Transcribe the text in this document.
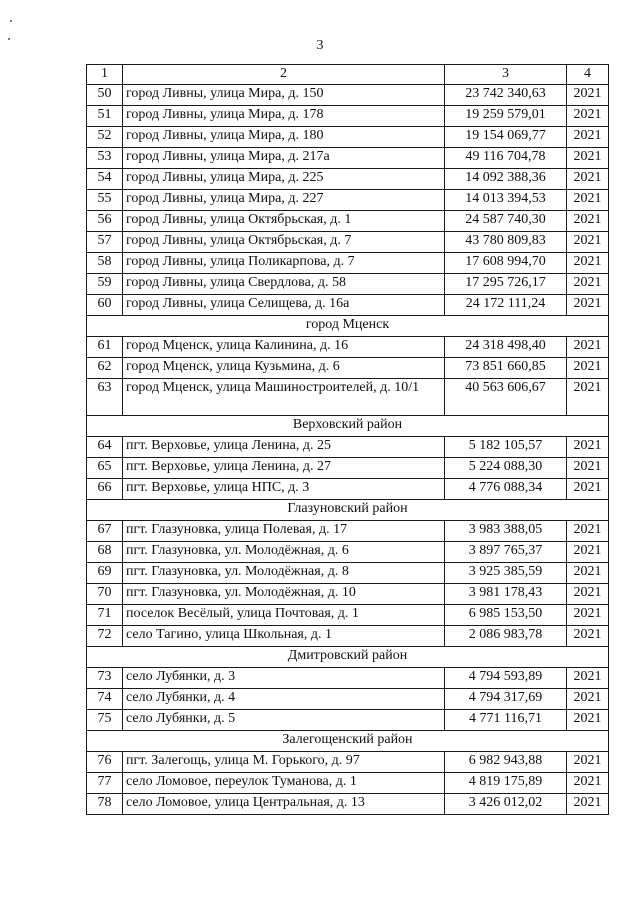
3
1	2	3	4
50	город Ливны, улица Мира, д. 150	23 742 340,63	2021
51	город Ливны, улица Мира, д. 178	19 259 579,01	2021
52	город Ливны, улица Мира, д. 180	19 154 069,77	2021
53	город Ливны, улица Мира, д. 217а	49 116 704,78	2021
54	город Ливны, улица Мира, д. 225	14 092 388,36	2021
55	город Ливны, улица Мира, д. 227	14 013 394,53	2021
56	город Ливны, улица Октябрьская, д. 1	24 587 740,30	2021
57	город Ливны, улица Октябрьская, д. 7	43 780 809,83	2021
58	город Ливны, улица Поликарпова, д. 7	17 608 994,70	2021
59	город Ливны, улица Свердлова, д. 58	17 295 726,17	2021
60	город Ливны, улица Селищева, д. 16а	24 172 111,24	2021
город Мценск			
61	город Мценск, улица Калинина, д. 16	24 318 498,40	2021
62	город Мценск, улица Кузьмина, д. 6	73 851 660,85	2021
63	город Мценск, улица Машиностроителей, д. 10/1	40 563 606,67	2021
Верховский район			
64	пгт. Верховье, улица Ленина, д. 25	5 182 105,57	2021
65	пгт. Верховье, улица Ленина, д. 27	5 224 088,30	2021
66	пгт. Верховье, улица НПС, д. 3	4 776 088,34	2021
Глазуновский район			
67	пгт. Глазуновка, улица Полевая, д. 17	3 983 388,05	2021
68	пгт. Глазуновка, ул. Молодёжная, д. 6	3 897 765,37	2021
69	пгт. Глазуновка, ул. Молодёжная, д. 8	3 925 385,59	2021
70	пгт. Глазуновка, ул. Молодёжная, д. 10	3 981 178,43	2021
71	поселок Весёлый, улица Почтовая, д. 1	6 985 153,50	2021
72	село Тагино, улица Школьная, д. 1	2 086 983,78	2021
Дмитровский район			
73	село Лубянки, д. 3	4 794 593,89	2021
74	село Лубянки, д. 4	4 794 317,69	2021
75	село Лубянки, д. 5	4 771 116,71	2021
Залегощенский район			
76	пгт. Залегощь, улица М. Горького, д. 97	6 982 943,88	2021
77	село Ломовое, переулок Туманова, д. 1	4 819 175,89	2021
78	село Ломовое, улица Центральная, д. 13	3 426 012,02	2021
